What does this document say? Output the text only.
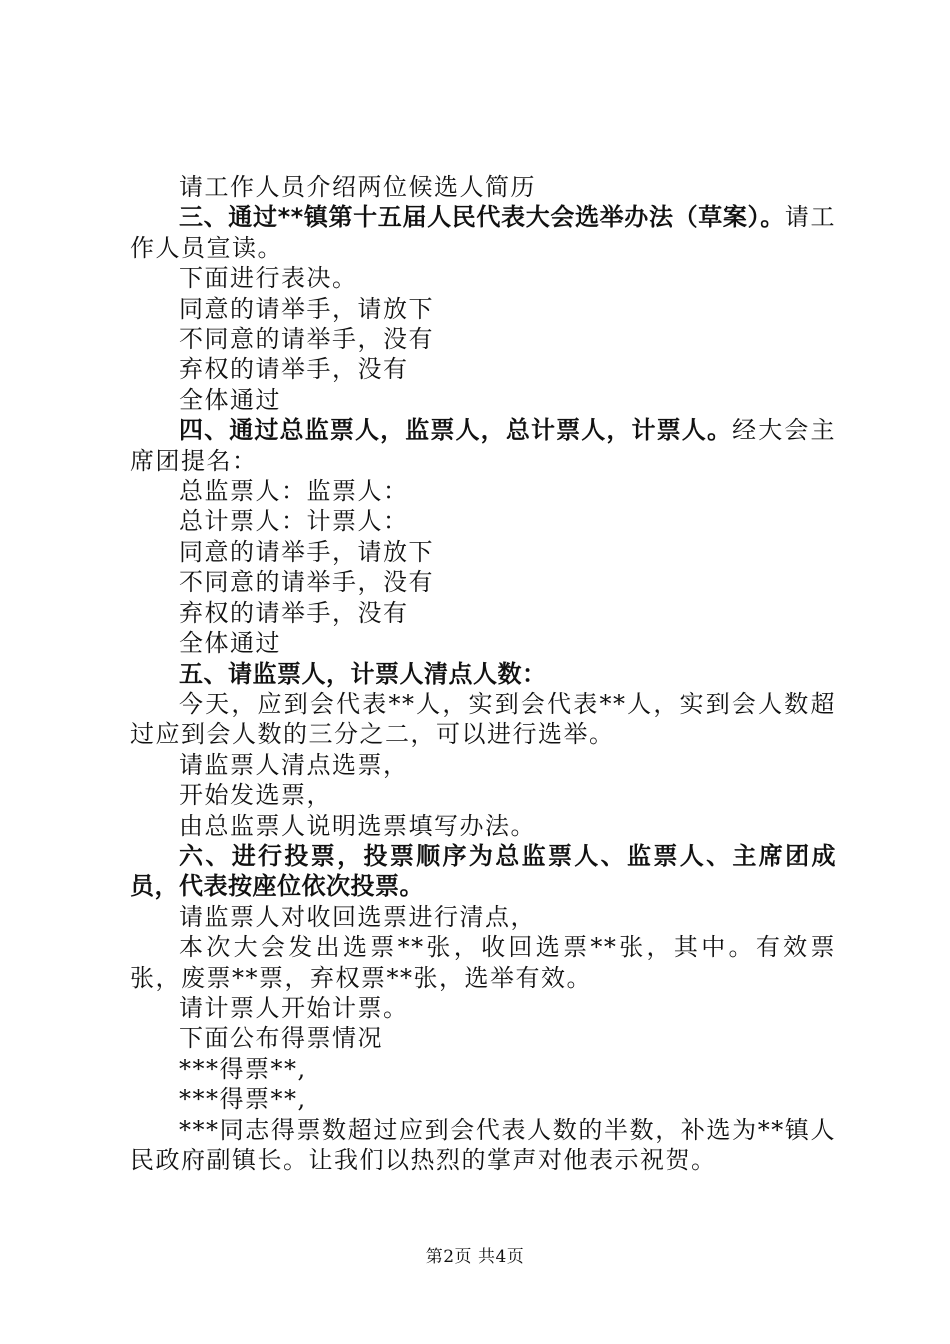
请工作人员介绍两位候选人简历

三、通过**镇第十五届人民代表大会选举办法（草案）。请工作人员宣读。

下面进行表决。

同意的请举手，请放下

不同意的请举手，没有

弃权的请举手，没有

全体通过

四、通过总监票人，监票人，总计票人，计票人。经大会主席团提名：

总监票人：监票人：

总计票人：计票人：

同意的请举手，请放下

不同意的请举手，没有

弃权的请举手，没有

全体通过

五、请监票人，计票人清点人数：

今天，应到会代表**人，实到会代表**人，实到会人数超过应到会人数的三分之二，可以进行选举。

请监票人清点选票，

开始发选票，

由总监票人说明选票填写办法。

六、进行投票，投票顺序为总监票人、监票人、主席团成员，代表按座位依次投票。

请监票人对收回选票进行清点，

本次大会发出选票**张，收回选票**张，其中。有效票张，废票**票，弃权票**张，选举有效。

请计票人开始计票。

下面公布得票情况

***得票**,

***得票**,

***同志得票数超过应到会代表人数的半数，补选为**镇人民政府副镇长。让我们以热烈的掌声对他表示祝贺。

第2页 共4页
